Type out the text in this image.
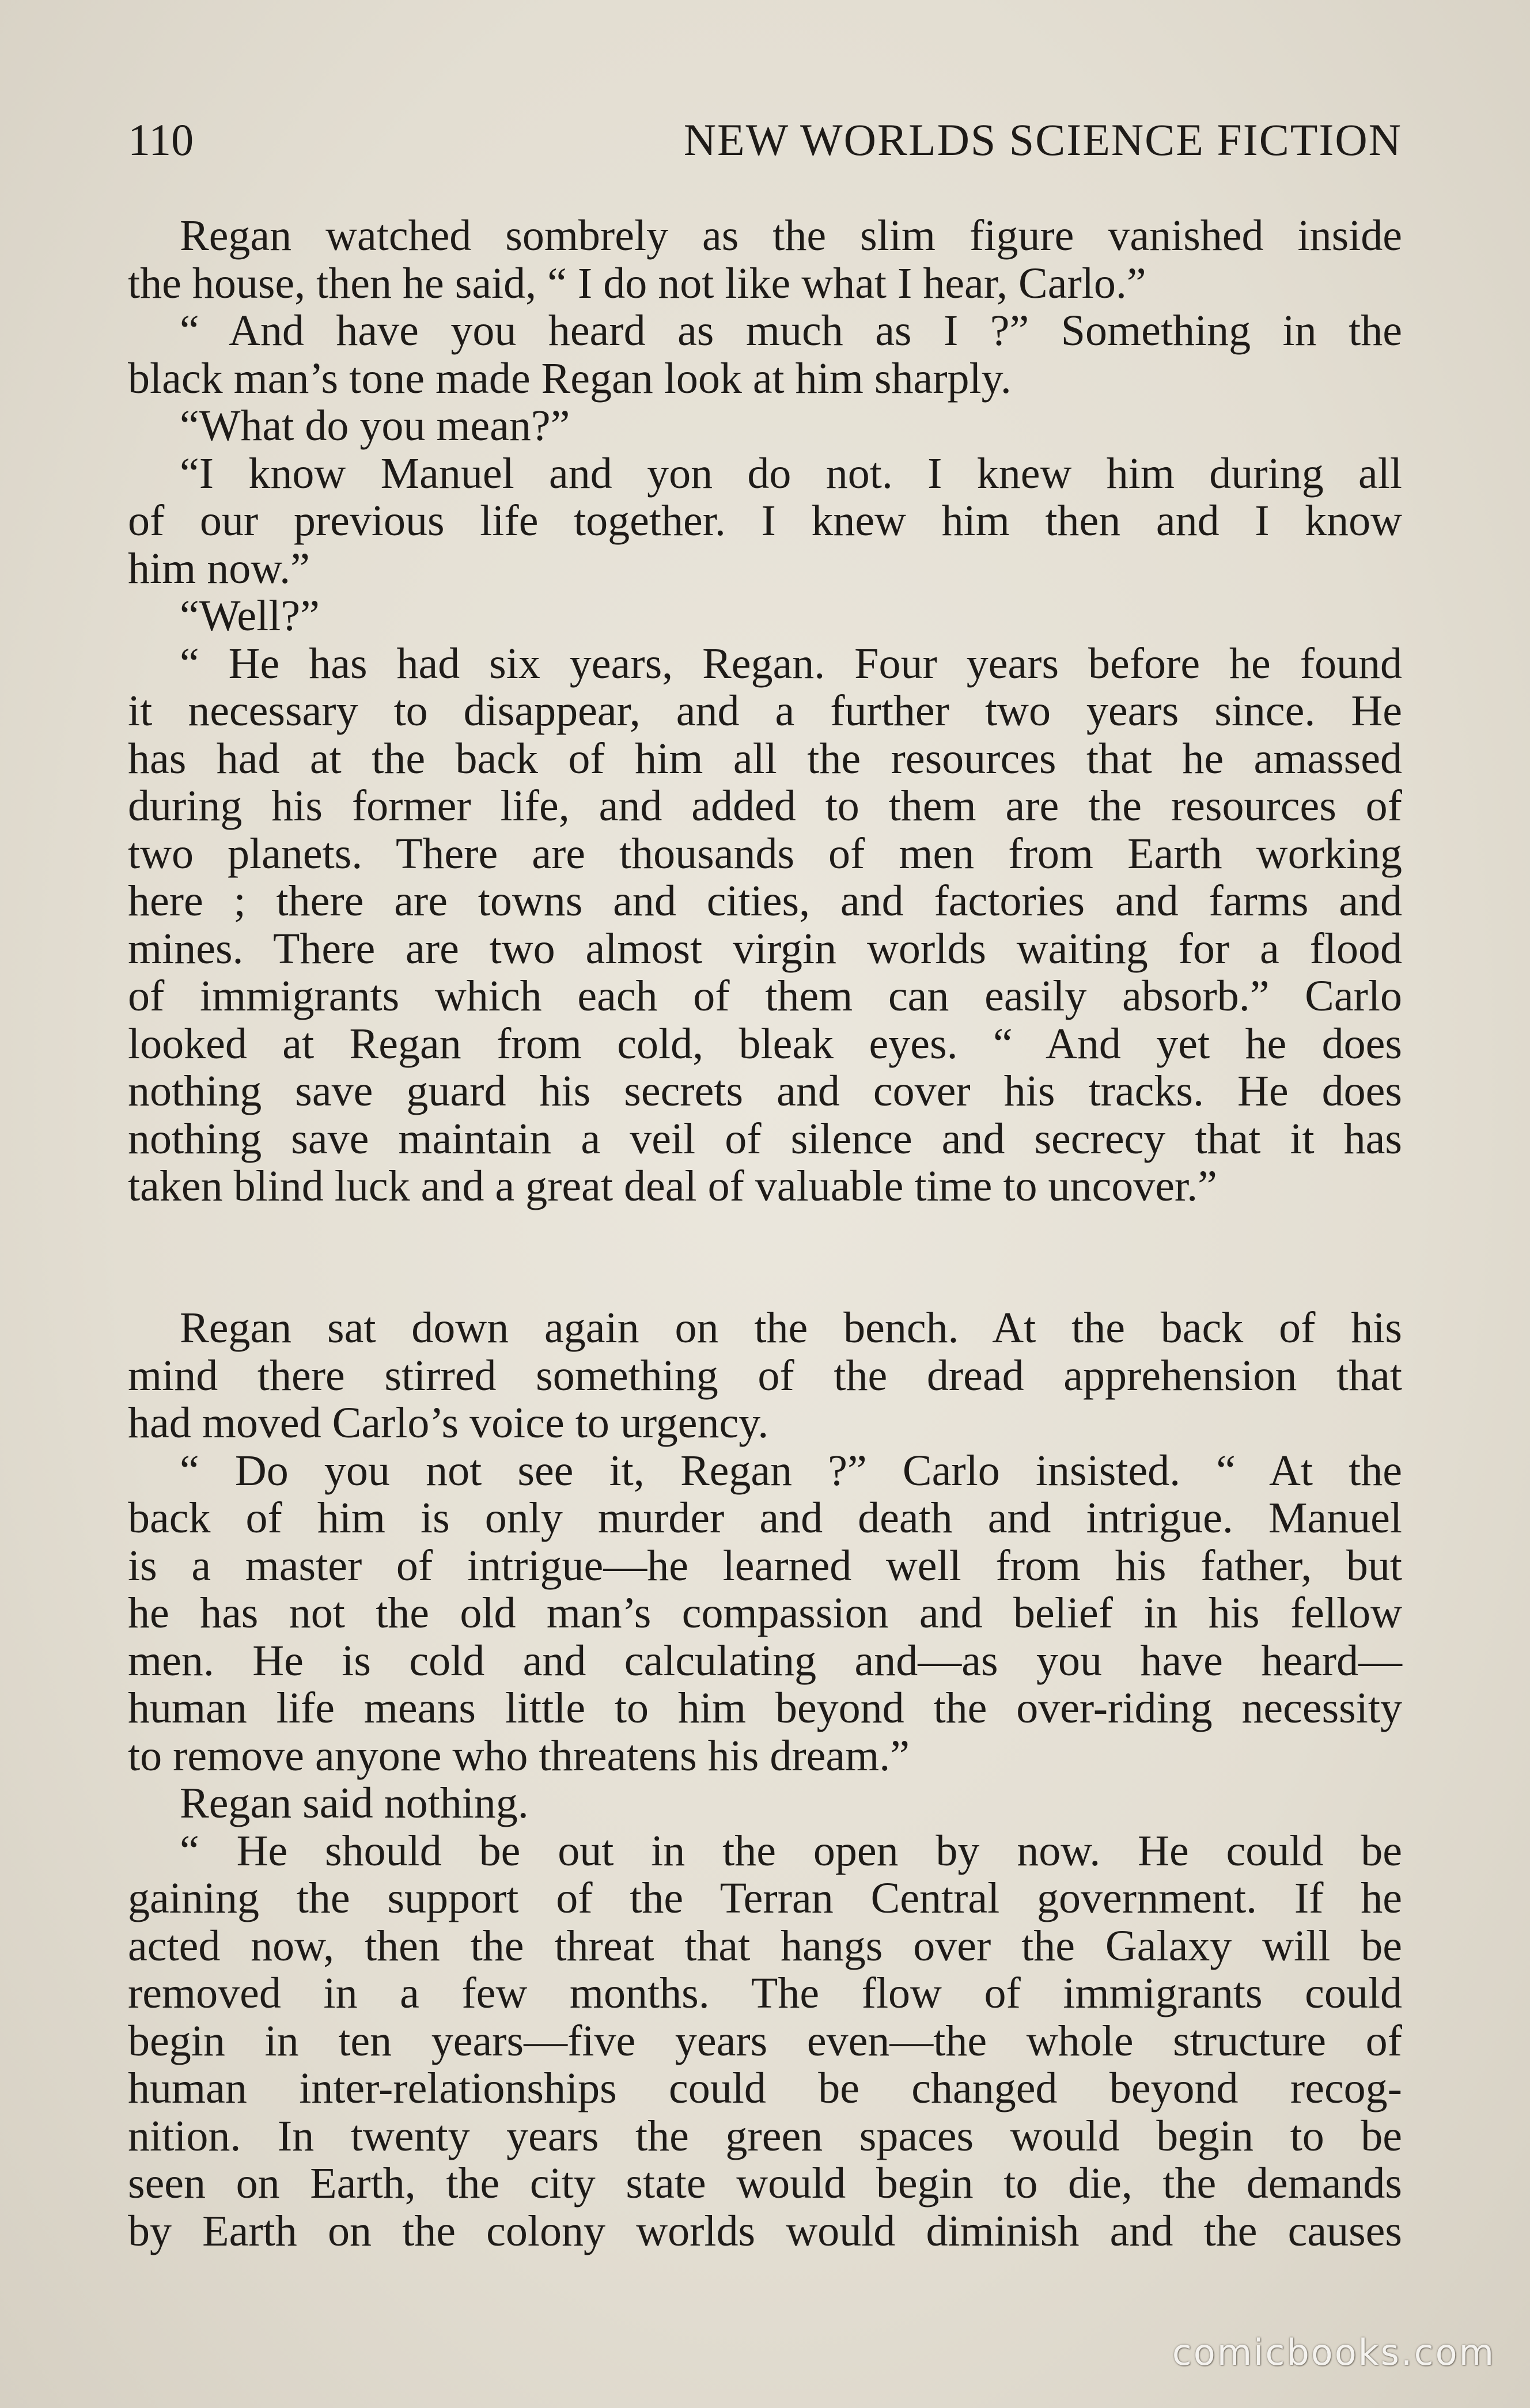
110	NEW WORLDS SCIENCE FICTION
Regan watched sombrely as the slim figure vanished inside
the house, then he said, “ I do not like what I hear, Carlo.”
“ And have you heard as much as I ?” Something in the
black man’s tone made Regan look at him sharply.
“What do you mean?”
“I know Manuel and yon do not. I knew him during all
of our previous life together. I knew him then and I know
him now.”
“Well?”
“ He has had six years, Regan. Four years before he found
it necessary to disappear, and a further two years since. He
has had at the back of him all the resources that he amassed
during his former life, and added to them are the resources of
two planets. There are thousands of men from Earth working
here ; there are towns and cities, and factories and farms and
mines. There are two almost virgin worlds waiting for a flood
of immigrants which each of them can easily absorb.” Carlo
looked at Regan from cold, bleak eyes. “ And yet he does
nothing save guard his secrets and cover his tracks. He does
nothing save maintain a veil of silence and secrecy that it has
taken blind luck and a great deal of valuable time to uncover.”
Regan sat down again on the bench. At the back of his
mind there stirred something of the dread apprehension that
had moved Carlo’s voice to urgency.
“ Do you not see it, Regan ?” Carlo insisted. “ At the
back of him is only murder and death and intrigue. Manuel
is a master of intrigue—he learned well from his father, but
he has not the old man’s compassion and belief in his fellow
men. He is cold and calculating and—as you have heard—
human life means little to him beyond the over-riding necessity
to remove anyone who threatens his dream.”
Regan said nothing.
“ He should be out in the open by now. He could be
gaining the support of the Terran Central government. If he
acted now, then the threat that hangs over the Galaxy will be
removed in a few months. The flow of immigrants could
begin in ten years—five years even—the whole structure of
human inter-relationships could be changed beyond recog-
nition. In twenty years the green spaces would begin to be
seen on Earth, the city state would begin to die, the demands
by Earth on the colony worlds would diminish and the causes
comicbooks.com
